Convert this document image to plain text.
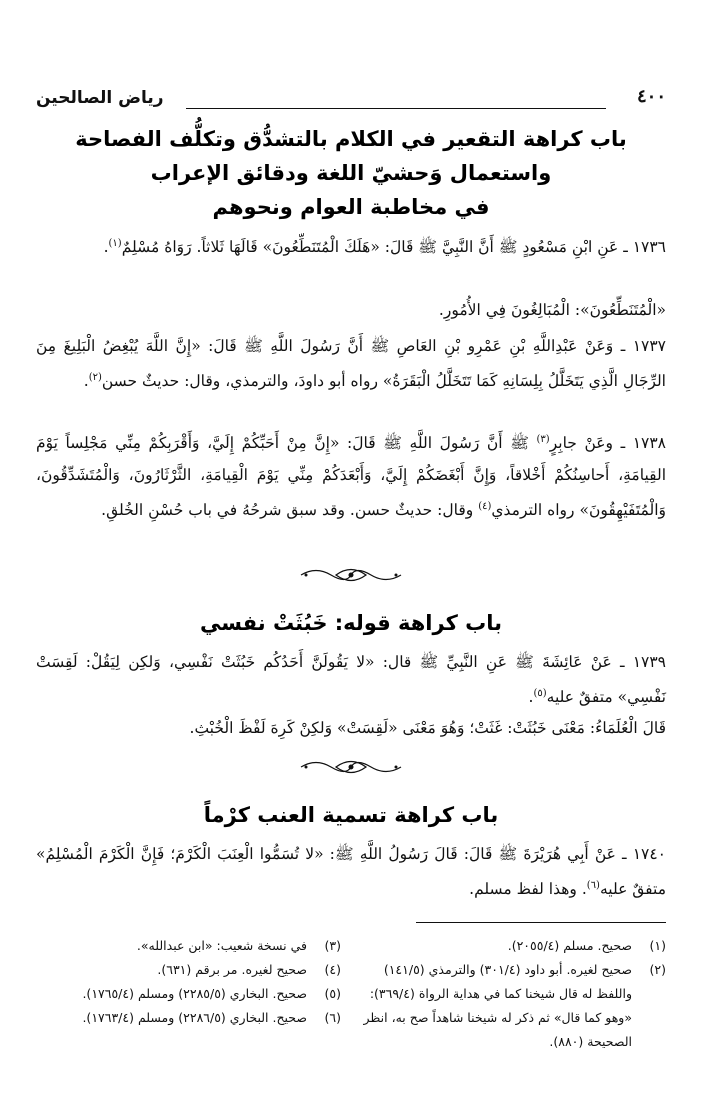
٤٠٠
رياض الصالحين
باب كراهة التقعير في الكلام بالتشدُّق وتكلُّف الفصاحة
واستعمال وَحشيّ اللغة ودقائق الإعراب
في مخاطبة العوام ونحوهم

١٧٣٦ ـ عَنِ ابْنِ مَسْعُودٍ ﷺ أَنَّ النَّبِيَّ ﷺ قَالَ: «هَلَكَ الْمُتَنَطِّعُونَ» قَالَهَا ثَلاثاً. رَوَاهُ مُسْلِمٌ$^{(١)}$.

«الْمُتَنَطِّعُونَ»: الْمُبَالِغُونَ فِي الأُمُورِ.

١٧٣٧ ـ وَعَنْ عَبْدِاللَّهِ بْنِ عَمْرِو بْنِ العَاصِ ﷺ أَنَّ رَسُولَ اللَّهِ ﷺ قَالَ: «إِنَّ اللَّهَ يُبْغِضُ الْبَلِيغَ مِنَ الرِّجَالِ الَّذِي يَتَخَلَّلُ بِلِسَانِهِ كَمَا تَتَخَلَّلُ الْبَقَرَةُ» رواه أبو داودَ، والترمذي، وقال: حديثٌ حسن$^{(٢)}$.

١٧٣٨ ـ وعَنْ جابِرٍ$^{(٣)}$ ﷺ أَنَّ رَسُولَ اللَّهِ ﷺ قَالَ: «إِنَّ مِنْ أَحَبِّكُمْ إِلَيَّ، وَأَقْرَبِكُمْ مِنِّي مَجْلِساً يَوْمَ القِيامَةِ، أَحاسِنُكُمْ أَخْلاقاً، وَإِنَّ أَبْغَضَكُمْ إِلَيَّ، وَأَبْعَدَكُمْ مِنِّي يَوْمَ الْقِيامَةِ، الثَّرْثَارُونَ، وَالْمُتَشَدِّقُونَ، وَالْمُتَفَيْهِقُونَ» رواه الترمذي$^{(٤)}$ وقال: حديثٌ حسن. وقد سبق شرحُهُ في باب حُسْنِ الخُلقِ.

باب كراهة قوله: خَبُثَتْ نفسي

١٧٣٩ ـ عَنْ عَائِشَةَ ﷺ عَنِ النَّبِيِّ ﷺ قال: «لا يَقُولَنَّ أَحَدُكُم خَبُثَتْ نَفْسِي، وَلكِن لِيَقُلْ: لَقِسَتْ نَفْسِي» متفقٌ عليه$^{(٥)}$.

قَالَ الْعُلَمَاءُ: مَعْنَى خَبُثَتْ: غَثَتْ؛ وَهُوَ مَعْنَى «لَقِسَتْ» وَلكِنْ كَرِهَ لَفْظَ الْخُبْثِ.

باب كراهة تسمية العنب كرْماً

١٧٤٠ ـ عَنْ أَبِي هُرَيْرَةَ ﷺ قَالَ: قَالَ رَسُولُ اللَّهِ ﷺ: «لا تُسَمُّوا الْعِنَبَ الْكَرْمَ؛ فَإِنَّ الْكَرْمَ الْمُسْلِمُ» متفقٌ عليه$^{(٦)}$. وهذا لفظ مسلم.

(١)
صحيح. مسلم (٢٠٥٥/٤).
(٢)
صحيح لغيره. أبو داود (٣٠١/٤) والترمذي (١٤١/٥) واللفظ له قال شيخنا كما في هداية الرواة (٣٦٩/٤): «وهو كما قال» ثم ذكر له شيخنا شاهداً صح به، انظر الصحيحة (٨٨٠).
(٣)
في نسخة شعيب: «ابن عبدالله».
(٤)
صحيح لغيره. مر برقم (٦٣١).
(٥)
صحيح. البخاري (٢٢٨٥/٥) ومسلم (١٧٦٥/٤).
(٦)
صحيح. البخاري (٢٢٨٦/٥) ومسلم (١٧٦٣/٤).
